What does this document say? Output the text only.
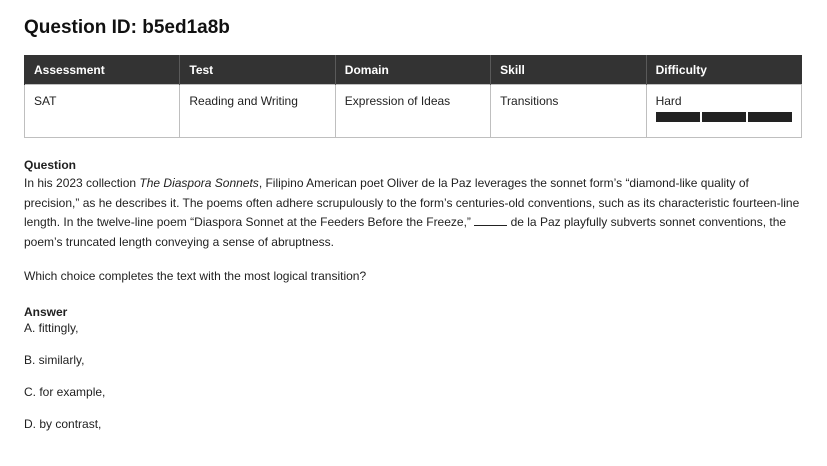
Question ID: b5ed1a8b
Assessment	Test	Domain	Skill	Difficulty
SAT	Reading and Writing	Expression of Ideas	Transitions	Hard
Question

In his 2023 collection The Diaspora Sonnets, Filipino American poet Oliver de la Paz leverages the sonnet form’s “diamond-like quality of precision,” as he describes it. The poems often adhere scrupulously to the form’s centuries-old conventions, such as its characteristic fourteen-line length. In the twelve-line poem “Diaspora Sonnet at the Feeders Before the Freeze,”	de la Paz playfully subverts sonnet conventions, the poem’s truncated length conveying a sense of abruptness.

Which choice completes the text with the most logical transition?
Answer
A. fittingly,
B. similarly,
C. for example,
D. by contrast,
